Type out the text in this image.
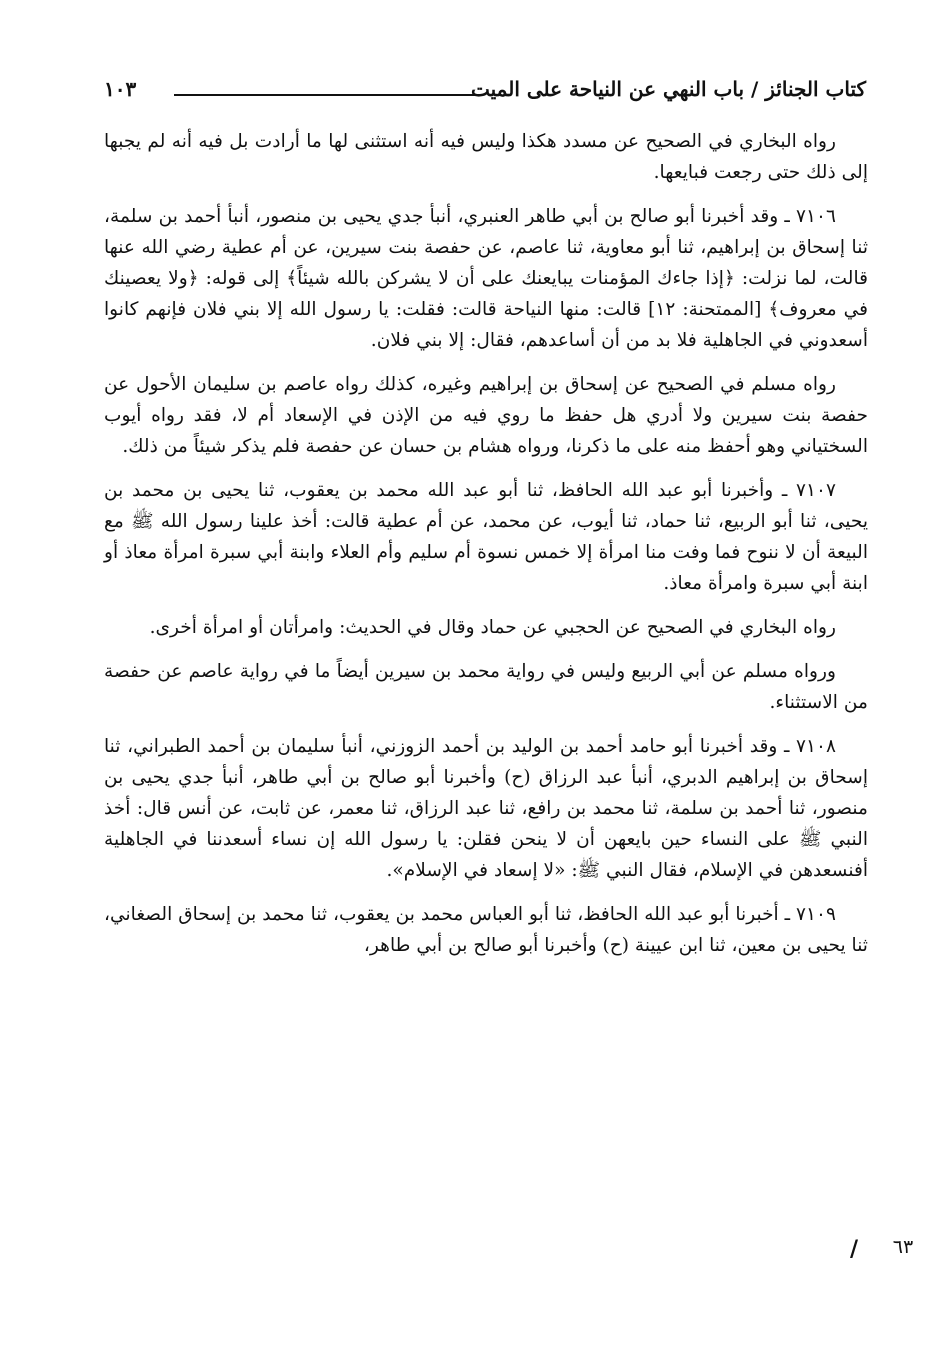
كتاب الجنائز / باب النهي عن النياحة على الميت
١٠٣

رواه البخاري في الصحيح عن مسدد هكذا وليس فيه أنه استثنى لها ما أرادت بل فيه أنه لم يجبها إلى ذلك حتى رجعت فبايعها.

٧١٠٦ ـ وقد أخبرنا أبو صالح بن أبي طاهر العنبري، أنبأ جدي يحيى بن منصور، أنبأ أحمد بن سلمة، ثنا إسحاق بن إبراهيم، ثنا أبو معاوية، ثنا عاصم، عن حفصة بنت سيرين، عن أم عطية رضي الله عنها قالت، لما نزلت: ﴿إذا جاءك المؤمنات يبايعنك على أن لا يشركن بالله شيئاً﴾ إلى قوله: ﴿ولا يعصينك في معروف﴾ [الممتحنة: ١٢] قالت: منها النياحة قالت: فقلت: يا رسول الله إلا بني فلان فإنهم كانوا أسعدوني في الجاهلية فلا بد من أن أساعدهم، فقال: إلا بني فلان.

رواه مسلم في الصحيح عن إسحاق بن إبراهيم وغيره، كذلك رواه عاصم بن سليمان الأحول عن حفصة بنت سيرين ولا أدري هل حفظ ما روي فيه من الإذن في الإسعاد أم لا، فقد رواه أيوب السختياني وهو أحفظ منه على ما ذكرنا، ورواه هشام بن حسان عن حفصة فلم يذكر شيئاً من ذلك.

٧١٠٧ ـ وأخبرنا أبو عبد الله الحافظ، ثنا أبو عبد الله محمد بن يعقوب، ثنا يحيى بن محمد بن يحيى، ثنا أبو الربيع، ثنا حماد، ثنا أيوب، عن محمد، عن أم عطية قالت: أخذ علينا رسول الله ﷺ مع البيعة أن لا ننوح فما وفت منا امرأة إلا خمس نسوة أم سليم وأم العلاء وابنة أبي سبرة امرأة معاذ أو ابنة أبي سبرة وامرأة معاذ.

رواه البخاري في الصحيح عن الحجبي عن حماد وقال في الحديث: وامرأتان أو امرأة أخرى.

ورواه مسلم عن أبي الربيع وليس في رواية محمد بن سيرين أيضاً ما في رواية عاصم عن حفصة من الاستثناء.

٧١٠٨ ـ وقد أخبرنا أبو حامد أحمد بن الوليد بن أحمد الزوزني، أنبأ سليمان بن أحمد الطبراني، ثنا إسحاق بن إبراهيم الدبري، أنبأ عبد الرزاق (ح) وأخبرنا أبو صالح بن أبي طاهر، أنبأ جدي يحيى بن منصور، ثنا أحمد بن سلمة، ثنا محمد بن رافع، ثنا عبد الرزاق، ثنا معمر، عن ثابت، عن أنس قال: أخذ النبي ﷺ على النساء حين بايعهن أن لا ينحن فقلن: يا رسول الله إن نساء أسعدننا في الجاهلية أفنسعدهن في الإسلام، فقال النبي ﷺ: «لا إسعاد في الإسلام».

٧١٠٩ ـ أخبرنا أبو عبد الله الحافظ، ثنا أبو العباس محمد بن يعقوب، ثنا محمد بن إسحاق الصغاني، ثنا يحيى بن معين، ثنا ابن عيينة (ح) وأخبرنا أبو صالح بن أبي طاهر،

/	٦٣
